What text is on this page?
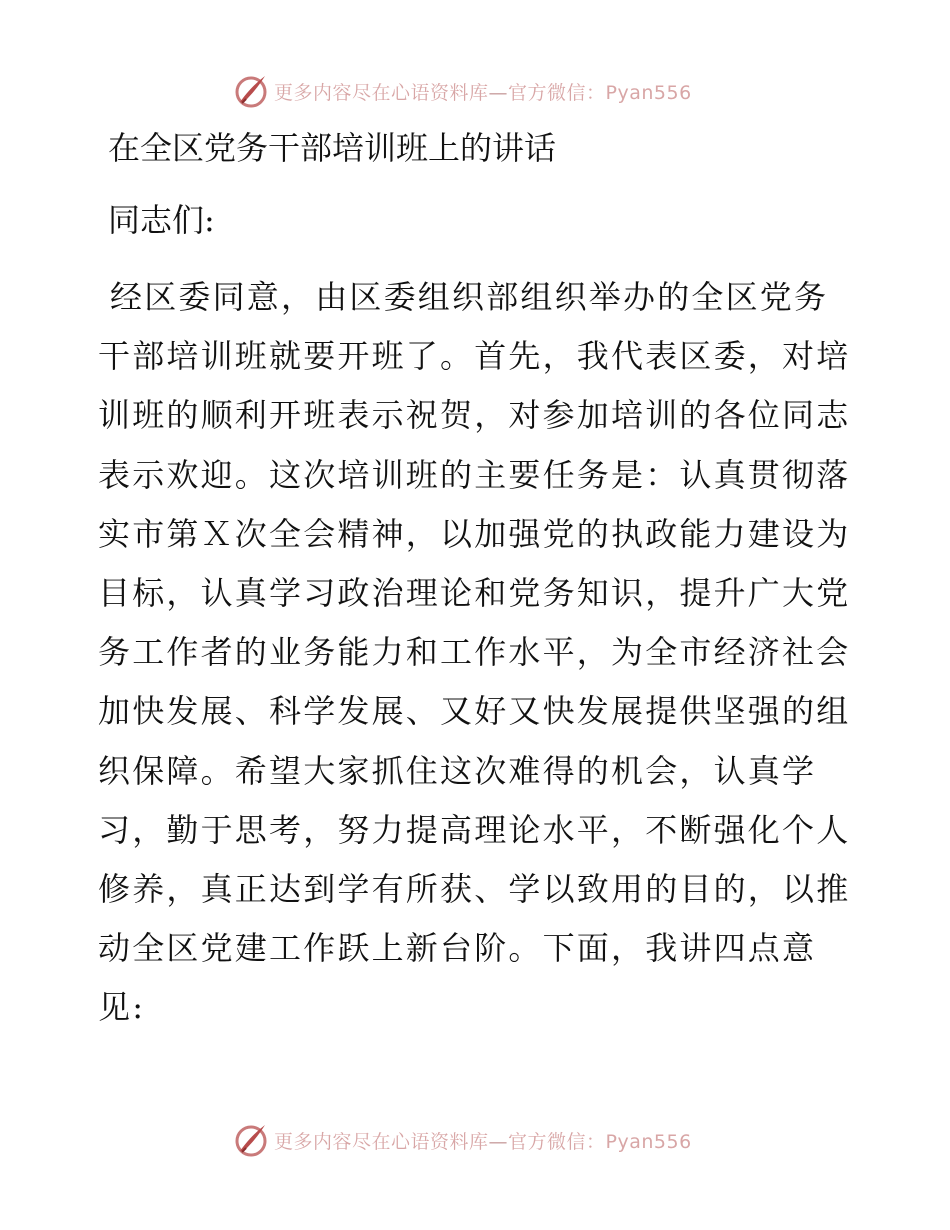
更多内容尽在心语资料库—官方微信：Pyan556
在全区党务干部培训班上的讲话
同志们:
经区委同意，由区委组织部组织举办的全区党务
干部培训班就要开班了。首先，我代表区委，对培
训班的顺利开班表示祝贺，对参加培训的各位同志
表示欢迎。这次培训班的主要任务是：认真贯彻落
实市第Ｘ次全会精神，以加强党的执政能力建设为
目标，认真学习政治理论和党务知识，提升广大党
务工作者的业务能力和工作水平，为全市经济社会
加快发展、科学发展、又好又快发展提供坚强的组
织保障。希望大家抓住这次难得的机会，认真学
习，勤于思考，努力提高理论水平，不断强化个人
修养，真正达到学有所获、学以致用的目的，以推
动全区党建工作跃上新台阶。下面，我讲四点意
见:
更多内容尽在心语资料库—官方微信：Pyan556
